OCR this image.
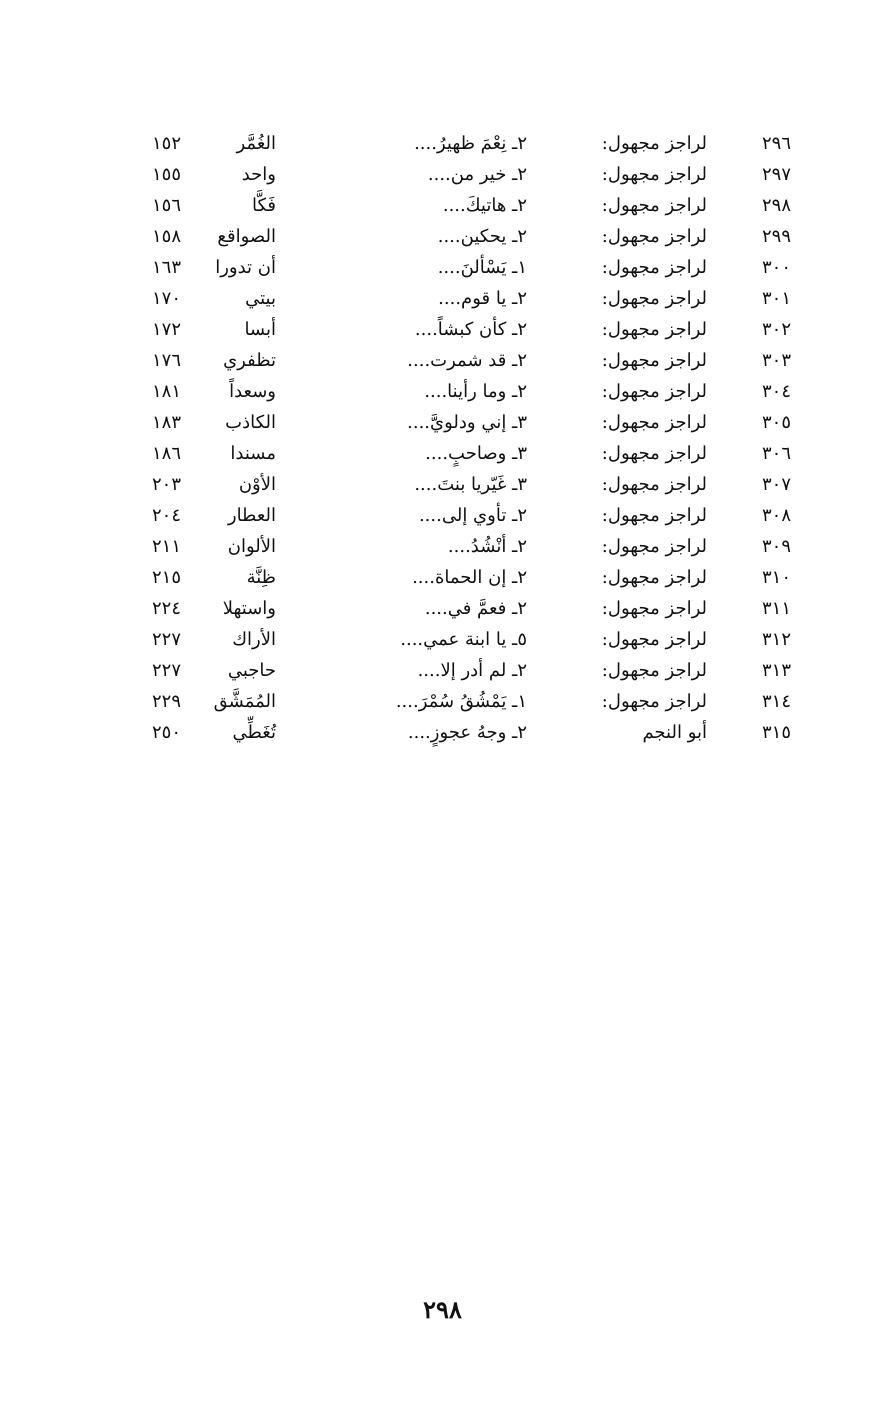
٢٩٦
لراجز مجهول:
٢ـ نِعْمَ ظهيرُ....
الغُمَّر
١٥٢
٢٩٧
لراجز مجهول:
٢ـ خير من....
واحد
١٥٥
٢٩٨
لراجز مجهول:
٢ـ هاتيكَ....
فَكَّا
١٥٦
٢٩٩
لراجز مجهول:
٢ـ يحكين....
الصواقع
١٥٨
٣٠٠
لراجز مجهول:
١ـ يَسْألنَ....
أن تدورا
١٦٣
٣٠١
لراجز مجهول:
٢ـ يا قوم....
بيتي
١٧٠
٣٠٢
لراجز مجهول:
٢ـ كأن كبشاً....
أبسا
١٧٢
٣٠٣
لراجز مجهول:
٢ـ قد شمرت....
تظفري
١٧٦
٣٠٤
لراجز مجهول:
٢ـ وما رأينا....
وسعداً
١٨١
٣٠٥
لراجز مجهول:
٣ـ إني ودلويَّ....
الكاذب
١٨٣
٣٠٦
لراجز مجهول:
٣ـ وصاحبٍ....
مسندا
١٨٦
٣٠٧
لراجز مجهول:
٣ـ غَيّريا بنتَ....
الأوْن
٢٠٣
٣٠٨
لراجز مجهول:
٢ـ تأوي إلى....
العطار
٢٠٤
٣٠٩
لراجز مجهول:
٢ـ أنْشُدُ....
الألوان
٢١١
٣١٠
لراجز مجهول:
٢ـ إن الحماة....
ظِنَّة
٢١٥
٣١١
لراجز مجهول:
٢ـ فعمَّ في....
واستهلا
٢٢٤
٣١٢
لراجز مجهول:
٥ـ يا ابنة عمي....
الأراك
٢٢٧
٣١٣
لراجز مجهول:
٢ـ لم أدر إلا....
حاجبي
٢٢٧
٣١٤
لراجز مجهول:
١ـ يَمْشُقُ سُمْرَ....
المُمَشَّق
٢٢٩
٣١٥
أبو النجم
٢ـ وجهُ عجوزٍ....
تُغَطِّي
٢٥٠
٢٩٨
